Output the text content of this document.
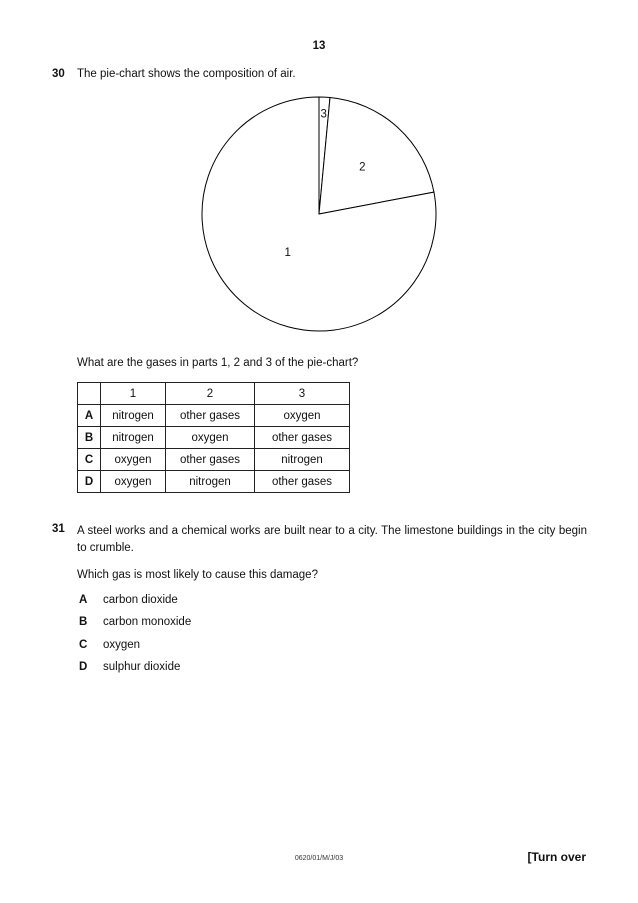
13
30 The pie-chart shows the composition of air.
3
2
1
What are the gases in parts 1, 2 and 3 of the pie-chart?
	1	2	3
A	nitrogen	other gases	oxygen
B	nitrogen	oxygen	other gases
C	oxygen	other gases	nitrogen
D	oxygen	nitrogen	other gases
31 A steel works and a chemical works are built near to a city. The limestone buildings in the city begin to crumble.
Which gas is most likely to cause this damage?
A carbon dioxide
B carbon monoxide
C oxygen
D sulphur dioxide
0620/01/M/J/03	[Turn over
